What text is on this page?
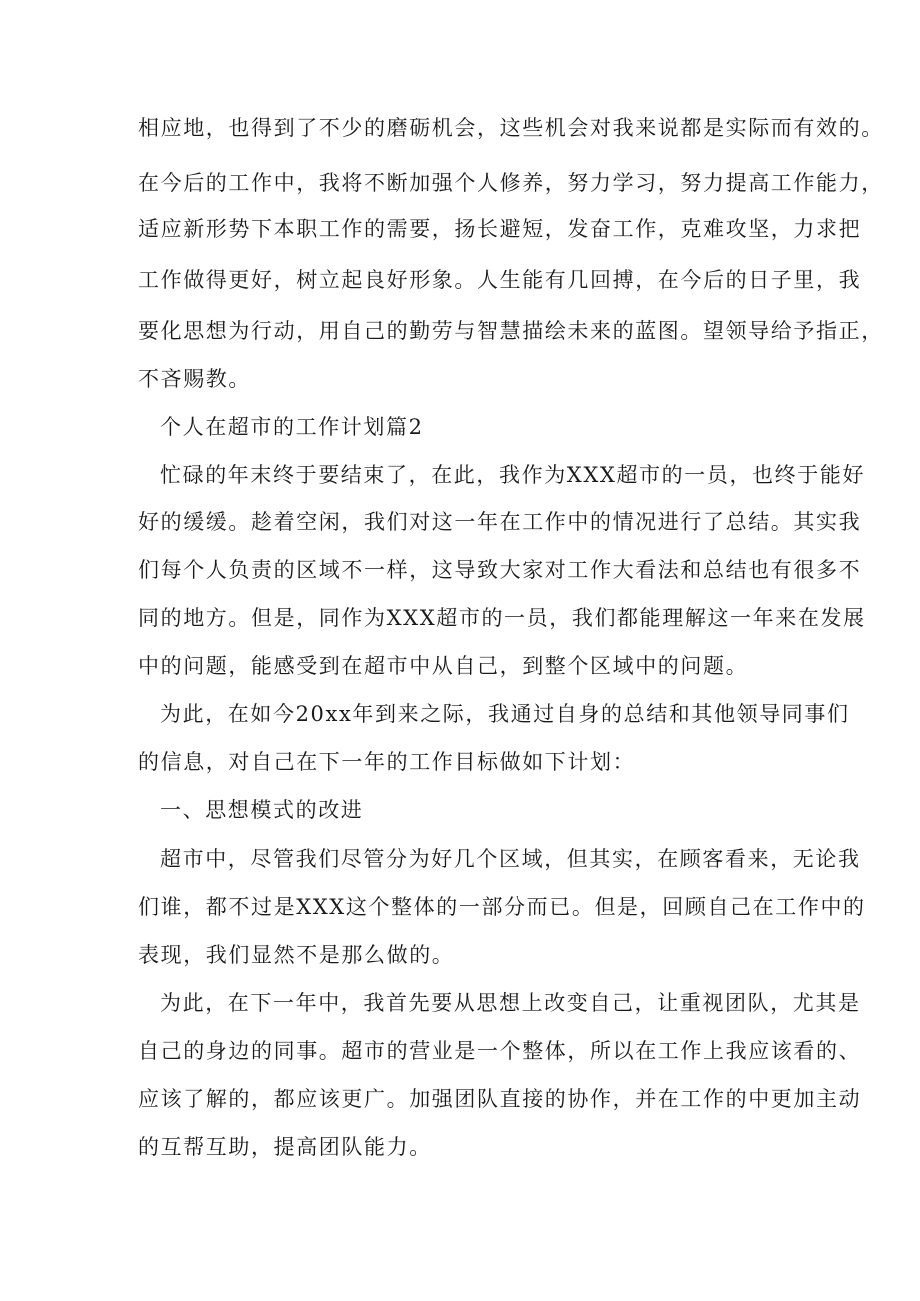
相应地，也得到了不少的磨砺机会，这些机会对我来说都是实际而有效的。
在今后的工作中，我将不断加强个人修养，努力学习，努力提高工作能力，
适应新形势下本职工作的需要，扬长避短，发奋工作，克难攻坚，力求把
工作做得更好，树立起良好形象。人生能有几回搏，在今后的日子里，我
要化思想为行动，用自己的勤劳与智慧描绘未来的蓝图。望领导给予指正，
不吝赐教。
个人在超市的工作计划篇2
忙碌的年末终于要结束了，在此，我作为XXX超市的一员，也终于能好
好的缓缓。趁着空闲，我们对这一年在工作中的情况进行了总结。其实我
们每个人负责的区域不一样，这导致大家对工作大看法和总结也有很多不
同的地方。但是，同作为XXX超市的一员，我们都能理解这一年来在发展
中的问题，能感受到在超市中从自己，到整个区域中的问题。
为此，在如今20xx年到来之际，我通过自身的总结和其他领导同事们
的信息，对自己在下一年的工作目标做如下计划：
一、思想模式的改进
超市中，尽管我们尽管分为好几个区域，但其实，在顾客看来，无论我
们谁，都不过是XXX这个整体的一部分而已。但是，回顾自己在工作中的
表现，我们显然不是那么做的。
为此，在下一年中，我首先要从思想上改变自己，让重视团队，尤其是
自己的身边的同事。超市的营业是一个整体，所以在工作上我应该看的、
应该了解的，都应该更广。加强团队直接的协作，并在工作的中更加主动
的互帮互助，提高团队能力。
